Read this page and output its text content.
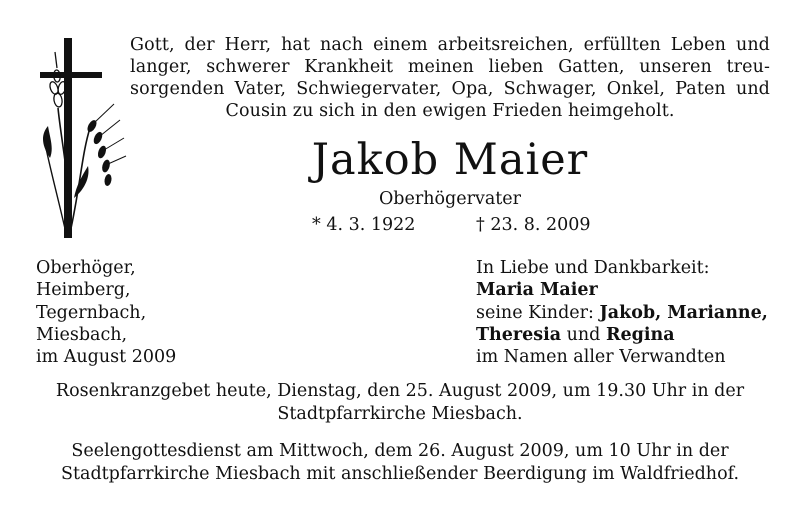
Gott, der Herr, hat nach einem arbeitsreichen, erfüllten Leben und
langer, schwerer Krankheit meinen lieben Gatten, unseren treu-
sorgenden Vater, Schwiegervater, Opa, Schwager, Onkel, Paten und
Cousin zu sich in den ewigen Frieden heimgeholt.
Jakob Maier
Oberhögervater
* 4. 3. 1922	† 23. 8. 2009
Oberhöger,
Heimberg,
Tegernbach,
Miesbach,
im August 2009
In Liebe und Dankbarkeit:
Maria Maier
seine Kinder: Jakob, Marianne,
Theresia und Regina
im Namen aller Verwandten
Rosenkranzgebet heute, Dienstag, den 25. August 2009, um 19.30 Uhr in der
Stadtpfarrkirche Miesbach.
Seelengottesdienst am Mittwoch, dem 26. August 2009, um 10 Uhr in der
Stadtpfarrkirche Miesbach mit anschließender Beerdigung im Waldfriedhof.
